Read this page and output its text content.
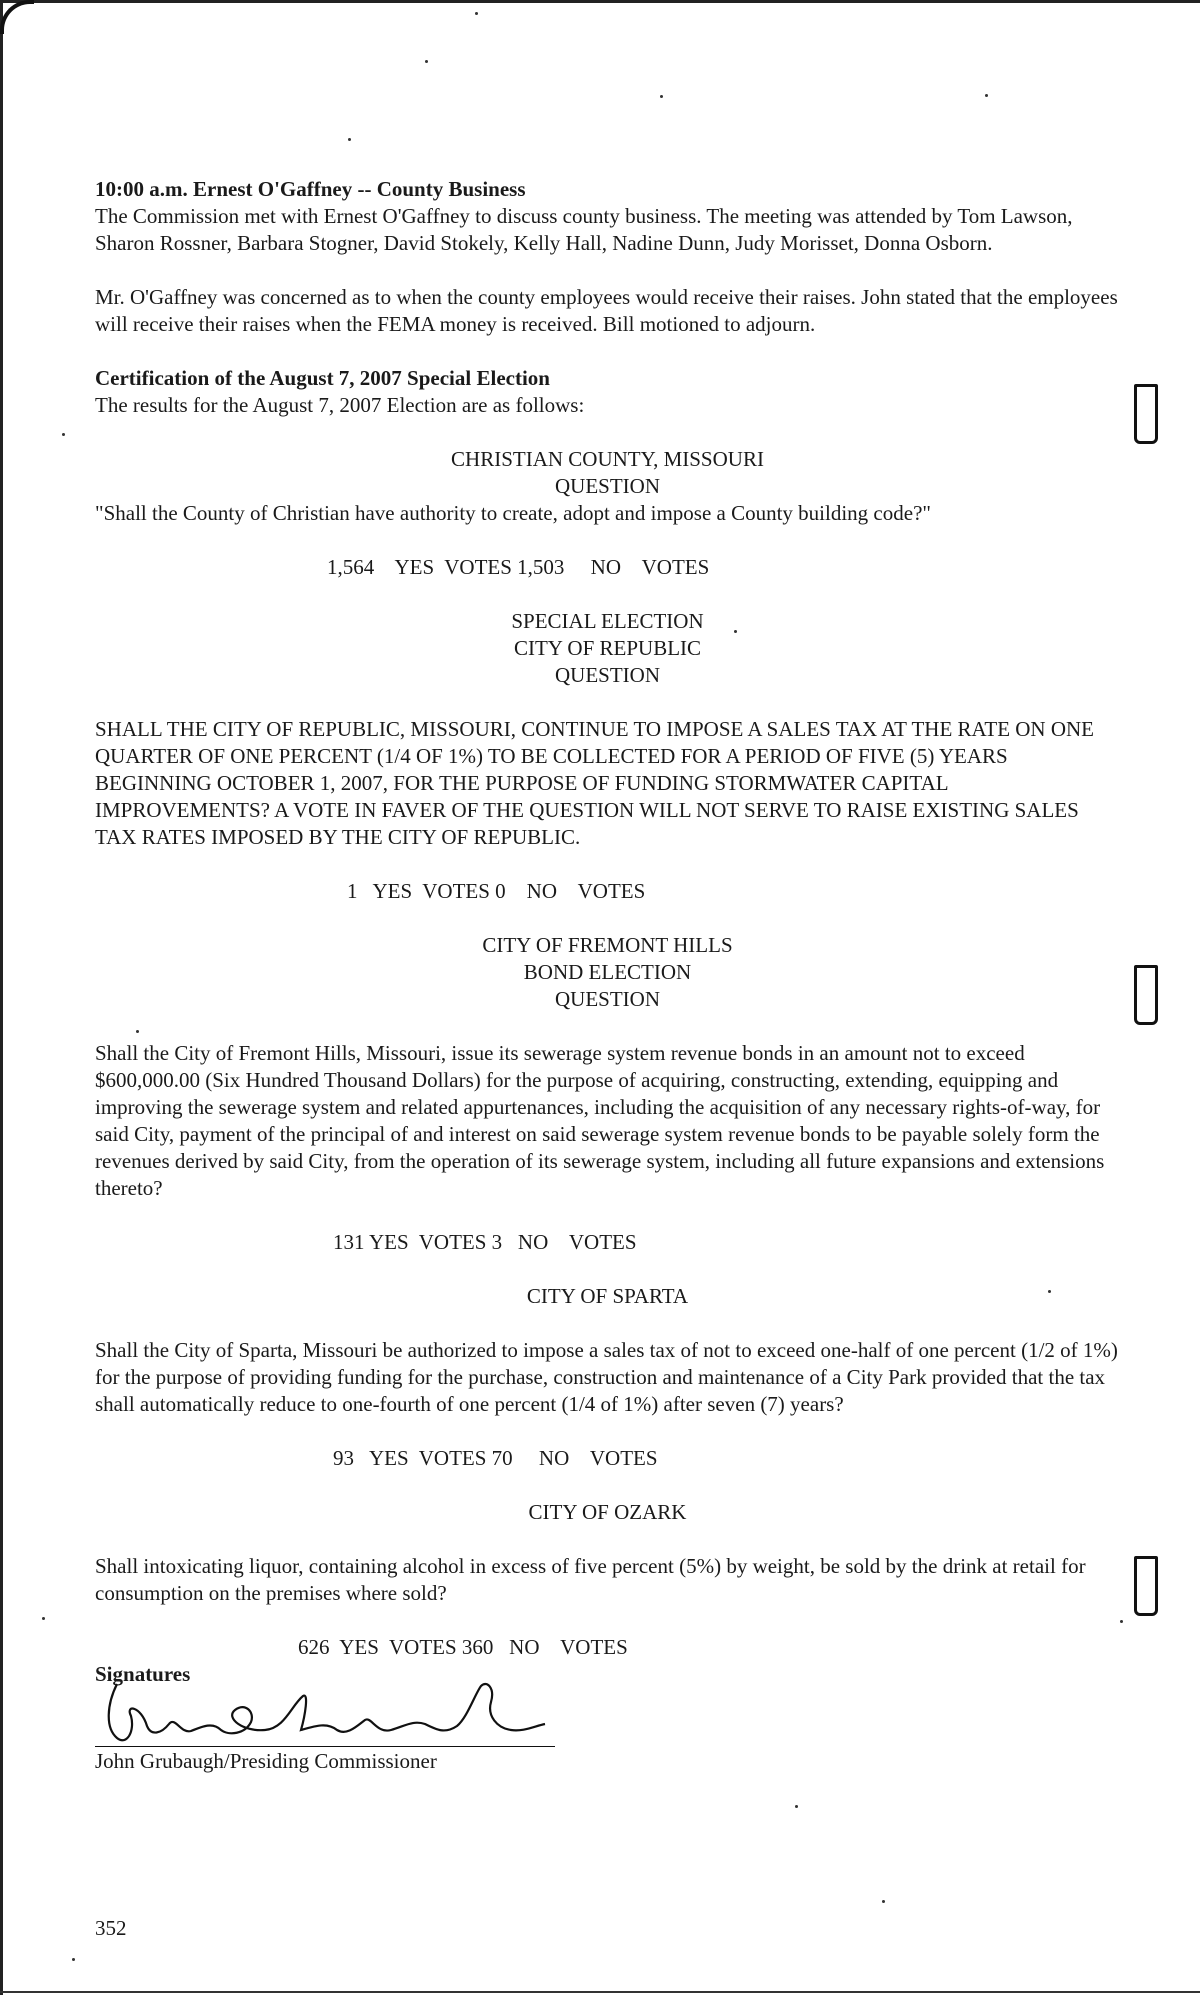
10:00 a.m. Ernest O'Gaffney -- County Business

The Commission met with Ernest O'Gaffney to discuss county business. The meeting was attended by Tom Lawson, Sharon Rossner, Barbara Stogner, David Stokely, Kelly Hall, Nadine Dunn, Judy Morisset, Donna Osborn.

Mr. O'Gaffney was concerned as to when the county employees would receive their raises. John stated that the employees will receive their raises when the FEMA money is received. Bill motioned to adjourn.

Certification of the August 7, 2007 Special Election

The results for the August 7, 2007 Election are as follows:

CHRISTIAN COUNTY, MISSOURI

QUESTION

"Shall the County of Christian have authority to create, adopt and impose a County building code?"

1,564    YES  VOTES 1,503     NO    VOTES

SPECIAL ELECTION

CITY OF REPUBLIC

QUESTION

SHALL THE CITY OF REPUBLIC, MISSOURI, CONTINUE TO IMPOSE A SALES TAX AT THE RATE ON ONE QUARTER OF ONE PERCENT (1/4 OF 1%) TO BE COLLECTED FOR A PERIOD OF FIVE (5) YEARS BEGINNING OCTOBER 1, 2007, FOR THE PURPOSE OF FUNDING STORMWATER CAPITAL IMPROVEMENTS? A VOTE IN FAVER OF THE QUESTION WILL NOT SERVE TO RAISE EXISTING SALES TAX RATES IMPOSED BY THE CITY OF REPUBLIC.

1   YES  VOTES 0    NO    VOTES

CITY OF FREMONT HILLS

BOND ELECTION

QUESTION

Shall the City of Fremont Hills, Missouri, issue its sewerage system revenue bonds in an amount not to exceed $600,000.00 (Six Hundred Thousand Dollars) for the purpose of acquiring, constructing, extending, equipping and improving the sewerage system and related appurtenances, including the acquisition of any necessary rights-of-way, for said City, payment of the principal of and interest on said sewerage system revenue bonds to be payable solely form the revenues derived by said City, from the operation of its sewerage system, including all future expansions and extensions thereto?

131 YES  VOTES 3   NO    VOTES

CITY OF SPARTA

Shall the City of Sparta, Missouri be authorized to impose a sales tax of not to exceed one-half of one percent (1/2 of 1%) for the purpose of providing funding for the purchase, construction and maintenance of a City Park provided that the tax shall automatically reduce to one-fourth of one percent (1/4 of 1%) after seven (7) years?

93   YES  VOTES 70     NO    VOTES

CITY OF OZARK

Shall intoxicating liquor, containing alcohol in excess of five percent (5%) by weight, be sold by the drink at retail for consumption on the premises where sold?

626  YES  VOTES 360   NO    VOTES

Signatures

John Grubaugh/Presiding Commissioner

352
